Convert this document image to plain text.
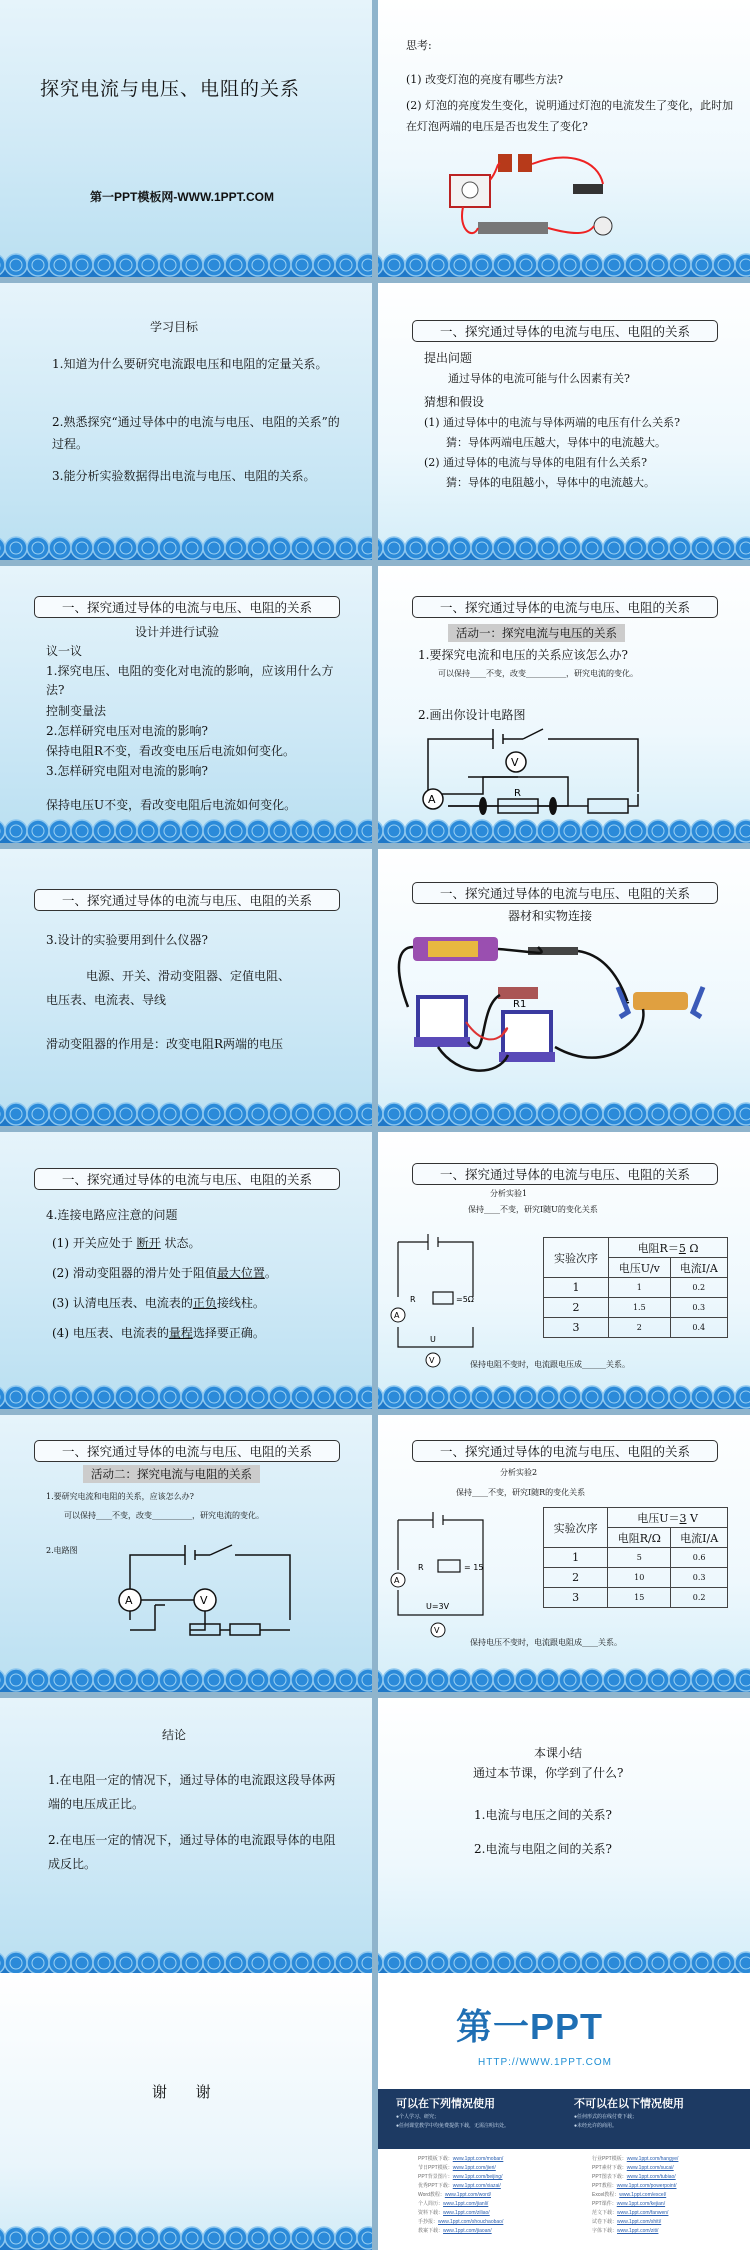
探究电流与电压、电阻的关系
第一PPT模板网-WWW.1PPT.COM
思考:
(1) 改变灯泡的亮度有哪些方法?
(2) 灯泡的亮度发生变化，说明通过灯泡的电流发生了变化，此时加在灯泡两端的电压是否也发生了变化?
学习目标
1.知道为什么要研究电流跟电压和电阻的定量关系。
2.熟悉探究“通过导体中的电流与电压、电阻的关系”的过程。
3.能分析实验数据得出电流与电压、电阻的关系。
一、探究通过导体的电流与电压、电阻的关系
提出问题
通过导体的电流可能与什么因素有关?
猜想和假设
(1) 通过导体中的电流与导体两端的电压有什么关系?
猜：导体两端电压越大，导体中的电流越大。
(2) 通过导体的电流与导体的电阻有什么关系?
猜：导体的电阻越小，导体中的电流越大。
一、探究通过导体的电流与电压、电阻的关系
设计并进行试验
议一议
1.探究电压、电阻的变化对电流的影响，应该用什么方法?
控制变量法
2.怎样研究电压对电流的影响?
保持电阻R不变，看改变电压后电流如何变化。
3.怎样研究电阻对电流的影响?
保持电压U不变，看改变电阻后电流如何变化。
一、探究通过导体的电流与电压、电阻的关系
活动一：探究电流与电压的关系
1.要探究电流和电压的关系应该怎么办?
可以保持____不变，改变__________，研究电流的变化。
2.画出你设计电路图
A
V
R
一、探究通过导体的电流与电压、电阻的关系
3.设计的实验要用到什么仪器?
电源、开关、滑动变阻器、定值电阻、
电压表、电流表、导线
滑动变阻器的作用是：改变电阻R两端的电压
一、探究通过导体的电流与电压、电阻的关系
器材和实物连接
R1
一、探究通过导体的电流与电压、电阻的关系
4.连接电路应注意的问题
(1) 开关应处于 断开 状态。
(2) 滑动变阻器的滑片处于阻值最大位置。
(3) 认清电压表、电流表的正负接线柱。
(4) 电压表、电流表的量程选择要正确。
一、探究通过导体的电流与电压、电阻的关系
分析实验1
保持____不变，研究I随U的变化关系
A
V
R	=5Ω
U
实验次序	电阻R＝5 Ω	
	电压U/v	电流I/A
1	1	0.2
2	1.5	0.3
3	2	0.4
保持电阻不变时，电流跟电压成______关系。
一、探究通过导体的电流与电压、电阻的关系
活动二：探究电流与电阻的关系
1.要研究电流和电阻的关系，应该怎么办?
可以保持____不变，改变__________，研究电流的变化。
2.电路图
A	V
一、探究通过导体的电流与电压、电阻的关系
分析实验2
保持____不变，研究I随R的变化关系
A
V
R	= 15
U=3V
实验次序	电压U＝3 V	
	电阻R/Ω	电流I/A
1	5	0.6
2	10	0.3
3	15	0.2
保持电压不变时，电流跟电阻成____关系。
结论
1.在电阻一定的情况下，通过导体的电流跟这段导体两端的电压成正比。
2.在电压一定的情况下，通过导体的电流跟导体的电阻成反比。
本课小结
通过本节课，你学到了什么?
1.电流与电压之间的关系?
2.电流与电阻之间的关系?
谢      谢
第一PPT
HTTP://WWW.1PPT.COM
可以在下列情况使用	不可以在以下情况使用
●个人学习、研究；
●任何课堂教学中均免费提供下载，无需注明出处。
●任何形式的在线付费下载；
●未经允许的商用。
PPT模板下载：www.1ppt.com/moban/
节日PPT模板：www.1ppt.com/jieri/
PPT背景图片：www.1ppt.com/beijing/
优秀PPT下载：www.1ppt.com/xiazai/
Word教程：www.1ppt.com/word/
个人简历：www.1ppt.com/jianli/
资料下载：www.1ppt.com/ziliao/
手抄报：www.1ppt.com/shouchaobao/
教案下载：www.1ppt.com/jiaoan/
行业PPT模板：www.1ppt.com/hangye/
PPT素材下载：www.1ppt.com/sucai/
PPT图表下载：www.1ppt.com/tubiao/
PPT教程：www.1ppt.com/powerpoint/
Excel教程：www.1ppt.com/excel/
PPT课件：www.1ppt.com/kejian/
范文下载：www.1ppt.com/fanwen/
试卷下载：www.1ppt.com/shiti/
字体下载：www.1ppt.com/ziti/
